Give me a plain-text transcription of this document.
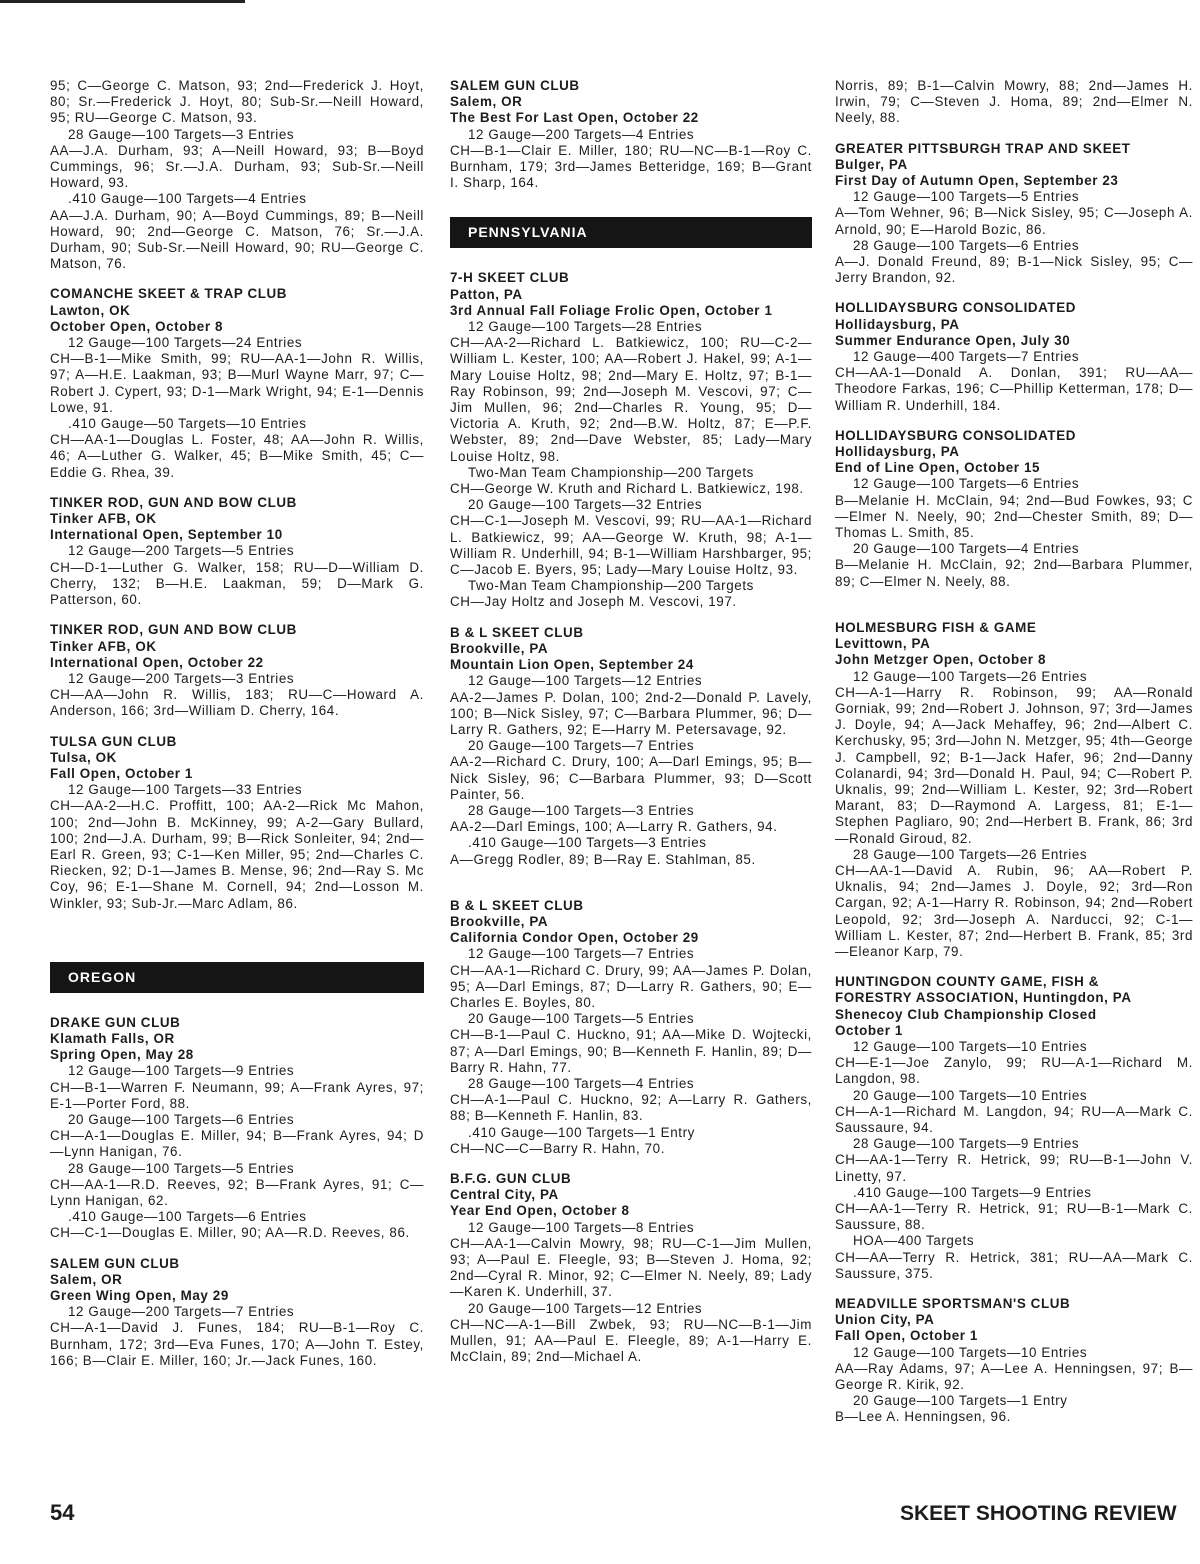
95; C—George C. Matson, 93; 2nd—Frederick J. Hoyt, 80; Sr.—Frederick J. Hoyt, 80; Sub-Sr.—Neill Howard, 95; RU—George C. Matson, 93.
28 Gauge—100 Targets—3 Entries
AA—J.A. Durham, 93; A—Neill Howard, 93; B—Boyd Cummings, 96; Sr.—J.A. Durham, 93; Sub-Sr.—Neill Howard, 93.
.410 Gauge—100 Targets—4 Entries
AA—J.A. Durham, 90; A—Boyd Cummings, 89; B—Neill Howard, 90; 2nd—George C. Matson, 76; Sr.—J.A. Durham, 90; Sub-Sr.—Neill Howard, 90; RU—George C. Matson, 76.
COMANCHE SKEET & TRAP CLUB
Lawton, OK
October Open, October 8
12 Gauge—100 Targets—24 Entries
CH—B-1—Mike Smith, 99; RU—AA-1—John R. Willis, 97; A—H.E. Laakman, 93; B—Murl Wayne Marr, 97; C—Robert J. Cypert, 93; D-1—Mark Wright, 94; E-1—Dennis Lowe, 91.
.410 Gauge—50 Targets—10 Entries
CH—AA-1—Douglas L. Foster, 48; AA—John R. Willis, 46; A—Luther G. Walker, 45; B—Mike Smith, 45; C—Eddie G. Rhea, 39.
TINKER ROD, GUN AND BOW CLUB
Tinker AFB, OK
International Open, September 10
12 Gauge—200 Targets—5 Entries
CH—D-1—Luther G. Walker, 158; RU—D—William D. Cherry, 132; B—H.E. Laakman, 59; D—Mark G. Patterson, 60.
TINKER ROD, GUN AND BOW CLUB
Tinker AFB, OK
International Open, October 22
12 Gauge—200 Targets—3 Entries
CH—AA—John R. Willis, 183; RU—C—Howard A. Anderson, 166; 3rd—William D. Cherry, 164.
TULSA GUN CLUB
Tulsa, OK
Fall Open, October 1
12 Gauge—100 Targets—33 Entries
CH—AA-2—H.C. Proffitt, 100; AA-2—Rick Mc Mahon, 100; 2nd—John B. McKinney, 99; A-2—Gary Bullard, 100; 2nd—J.A. Durham, 99; B—Rick Sonleiter, 94; 2nd—Earl R. Green, 93; C-1—Ken Miller, 95; 2nd—Charles C. Riecken, 92; D-1—James B. Mense, 96; 2nd—Ray S. Mc Coy, 96; E-1—Shane M. Cornell, 94; 2nd—Losson M. Winkler, 93; Sub-Jr.—Marc Adlam, 86.
OREGON
DRAKE GUN CLUB
Klamath Falls, OR
Spring Open, May 28
12 Gauge—100 Targets—9 Entries
CH—B-1—Warren F. Neumann, 99; A—Frank Ayres, 97; E-1—Porter Ford, 88.
20 Gauge—100 Targets—6 Entries
CH—A-1—Douglas E. Miller, 94; B—Frank Ayres, 94; D—Lynn Hanigan, 76.
28 Gauge—100 Targets—5 Entries
CH—AA-1—R.D. Reeves, 92; B—Frank Ayres, 91; C—Lynn Hanigan, 62.
.410 Gauge—100 Targets—6 Entries
CH—C-1—Douglas E. Miller, 90; AA—R.D. Reeves, 86.
SALEM GUN CLUB
Salem, OR
Green Wing Open, May 29
12 Gauge—200 Targets—7 Entries
CH—A-1—David J. Funes, 184; RU—B-1—Roy C. Burnham, 172; 3rd—Eva Funes, 170; A—John T. Estey, 166; B—Clair E. Miller, 160; Jr.—Jack Funes, 160.
SALEM GUN CLUB
Salem, OR
The Best For Last Open, October 22
12 Gauge—200 Targets—4 Entries
CH—B-1—Clair E. Miller, 180; RU—NC—B-1—Roy C. Burnham, 179; 3rd—James Betteridge, 169; B—Grant I. Sharp, 164.
PENNSYLVANIA
7-H SKEET CLUB
Patton, PA
3rd Annual Fall Foliage Frolic Open, October 1
12 Gauge—100 Targets—28 Entries
CH—AA-2—Richard L. Batkiewicz, 100; RU—C-2—William L. Kester, 100; AA—Robert J. Hakel, 99; A-1—Mary Louise Holtz, 98; 2nd—Mary E. Holtz, 97; B-1—Ray Robinson, 99; 2nd—Joseph M. Vescovi, 97; C—Jim Mullen, 96; 2nd—Charles R. Young, 95; D—Victoria A. Kruth, 92; 2nd—B.W. Holtz, 87; E—P.F. Webster, 89; 2nd—Dave Webster, 85; Lady—Mary Louise Holtz, 98.
Two-Man Team Championship—200 Targets
CH—George W. Kruth and Richard L. Batkiewicz, 198.
20 Gauge—100 Targets—32 Entries
CH—C-1—Joseph M. Vescovi, 99; RU—AA-1—Richard L. Batkiewicz, 99; AA—George W. Kruth, 98; A-1—William R. Underhill, 94; B-1—William Harshbarger, 95; C—Jacob E. Byers, 95; Lady—Mary Louise Holtz, 93.
Two-Man Team Championship—200 Targets
CH—Jay Holtz and Joseph M. Vescovi, 197.
B & L SKEET CLUB
Brookville, PA
Mountain Lion Open, September 24
12 Gauge—100 Targets—12 Entries
AA-2—James P. Dolan, 100; 2nd-2—Donald P. Lavely, 100; B—Nick Sisley, 97; C—Barbara Plummer, 96; D—Larry R. Gathers, 92; E—Harry M. Petersavage, 92.
20 Gauge—100 Targets—7 Entries
AA-2—Richard C. Drury, 100; A—Darl Emings, 95; B—Nick Sisley, 96; C—Barbara Plummer, 93; D—Scott Painter, 56.
28 Gauge—100 Targets—3 Entries
AA-2—Darl Emings, 100; A—Larry R. Gathers, 94.
.410 Gauge—100 Targets—3 Entries
A—Gregg Rodler, 89; B—Ray E. Stahlman, 85.
B & L SKEET CLUB
Brookville, PA
California Condor Open, October 29
12 Gauge—100 Targets—7 Entries
CH—AA-1—Richard C. Drury, 99; AA—James P. Dolan, 95; A—Darl Emings, 87; D—Larry R. Gathers, 90; E—Charles E. Boyles, 80.
20 Gauge—100 Targets—5 Entries
CH—B-1—Paul C. Huckno, 91; AA—Mike D. Wojtecki, 87; A—Darl Emings, 90; B—Kenneth F. Hanlin, 89; D—Barry R. Hahn, 77.
28 Gauge—100 Targets—4 Entries
CH—A-1—Paul C. Huckno, 92; A—Larry R. Gathers, 88; B—Kenneth F. Hanlin, 83.
.410 Gauge—100 Targets—1 Entry
CH—NC—C—Barry R. Hahn, 70.
B.F.G. GUN CLUB
Central City, PA
Year End Open, October 8
12 Gauge—100 Targets—8 Entries
CH—AA-1—Calvin Mowry, 98; RU—C-1—Jim Mullen, 93; A—Paul E. Fleegle, 93; B—Steven J. Homa, 92; 2nd—Cyral R. Minor, 92; C—Elmer N. Neely, 89; Lady—Karen K. Underhill, 37.
20 Gauge—100 Targets—12 Entries
CH—NC—A-1—Bill Zwbek, 93; RU—NC—B-1—Jim Mullen, 91; AA—Paul E. Fleegle, 89; A-1—Harry E. McClain, 89; 2nd—Michael A.
Norris, 89; B-1—Calvin Mowry, 88; 2nd—James H. Irwin, 79; C—Steven J. Homa, 89; 2nd—Elmer N. Neely, 88.
GREATER PITTSBURGH TRAP AND SKEET
Bulger, PA
First Day of Autumn Open, September 23
12 Gauge—100 Targets—5 Entries
A—Tom Wehner, 96; B—Nick Sisley, 95; C—Joseph A. Arnold, 90; E—Harold Bozic, 86.
28 Gauge—100 Targets—6 Entries
A—J. Donald Freund, 89; B-1—Nick Sisley, 95; C—Jerry Brandon, 92.
HOLLIDAYSBURG CONSOLIDATED
Hollidaysburg, PA
Summer Endurance Open, July 30
12 Gauge—400 Targets—7 Entries
CH—AA-1—Donald A. Donlan, 391; RU—AA—Theodore Farkas, 196; C—Phillip Ketterman, 178; D—William R. Underhill, 184.
HOLLIDAYSBURG CONSOLIDATED
Hollidaysburg, PA
End of Line Open, October 15
12 Gauge—100 Targets—6 Entries
B—Melanie H. McClain, 94; 2nd—Bud Fowkes, 93; C—Elmer N. Neely, 90; 2nd—Chester Smith, 89; D—Thomas L. Smith, 85.
20 Gauge—100 Targets—4 Entries
B—Melanie H. McClain, 92; 2nd—Barbara Plummer, 89; C—Elmer N. Neely, 88.
HOLMESBURG FISH & GAME
Levittown, PA
John Metzger Open, October 8
12 Gauge—100 Targets—26 Entries
CH—A-1—Harry R. Robinson, 99; AA—Ronald Gorniak, 99; 2nd—Robert J. Johnson, 97; 3rd—James J. Doyle, 94; A—Jack Mehaffey, 96; 2nd—Albert C. Kerchusky, 95; 3rd—John N. Metzger, 95; 4th—George J. Campbell, 92; B-1—Jack Hafer, 96; 2nd—Danny Colanardi, 94; 3rd—Donald H. Paul, 94; C—Robert P. Uknalis, 99; 2nd—William L. Kester, 92; 3rd—Robert Marant, 83; D—Raymond A. Largess, 81; E-1—Stephen Pagliaro, 90; 2nd—Herbert B. Frank, 86; 3rd—Ronald Giroud, 82.
28 Gauge—100 Targets—26 Entries
CH—AA-1—David A. Rubin, 96; AA—Robert P. Uknalis, 94; 2nd—James J. Doyle, 92; 3rd—Ron Cargan, 92; A-1—Harry R. Robinson, 94; 2nd—Robert Leopold, 92; 3rd—Joseph A. Narducci, 92; C-1—William L. Kester, 87; 2nd—Herbert B. Frank, 85; 3rd—Eleanor Karp, 79.
HUNTINGDON COUNTY GAME, FISH &
FORESTRY ASSOCIATION, Huntingdon, PA
Shenecoy Club Championship Closed
October 1
12 Gauge—100 Targets—10 Entries
CH—E-1—Joe Zanylo, 99; RU—A-1—Richard M. Langdon, 98.
20 Gauge—100 Targets—10 Entries
CH—A-1—Richard M. Langdon, 94; RU—A—Mark C. Saussaure, 94.
28 Gauge—100 Targets—9 Entries
CH—AA-1—Terry R. Hetrick, 99; RU—B-1—John V. Linetty, 97.
.410 Gauge—100 Targets—9 Entries
CH—AA-1—Terry R. Hetrick, 91; RU—B-1—Mark C. Saussure, 88.
HOA—400 Targets
CH—AA—Terry R. Hetrick, 381; RU—AA—Mark C. Saussure, 375.
MEADVILLE SPORTSMAN'S CLUB
Union City, PA
Fall Open, October 1
12 Gauge—100 Targets—10 Entries
AA—Ray Adams, 97; A—Lee A. Henningsen, 97; B—George R. Kirik, 92.
20 Gauge—100 Targets—1 Entry
B—Lee A. Henningsen, 96.
54	SKEET SHOOTING REVIEW
